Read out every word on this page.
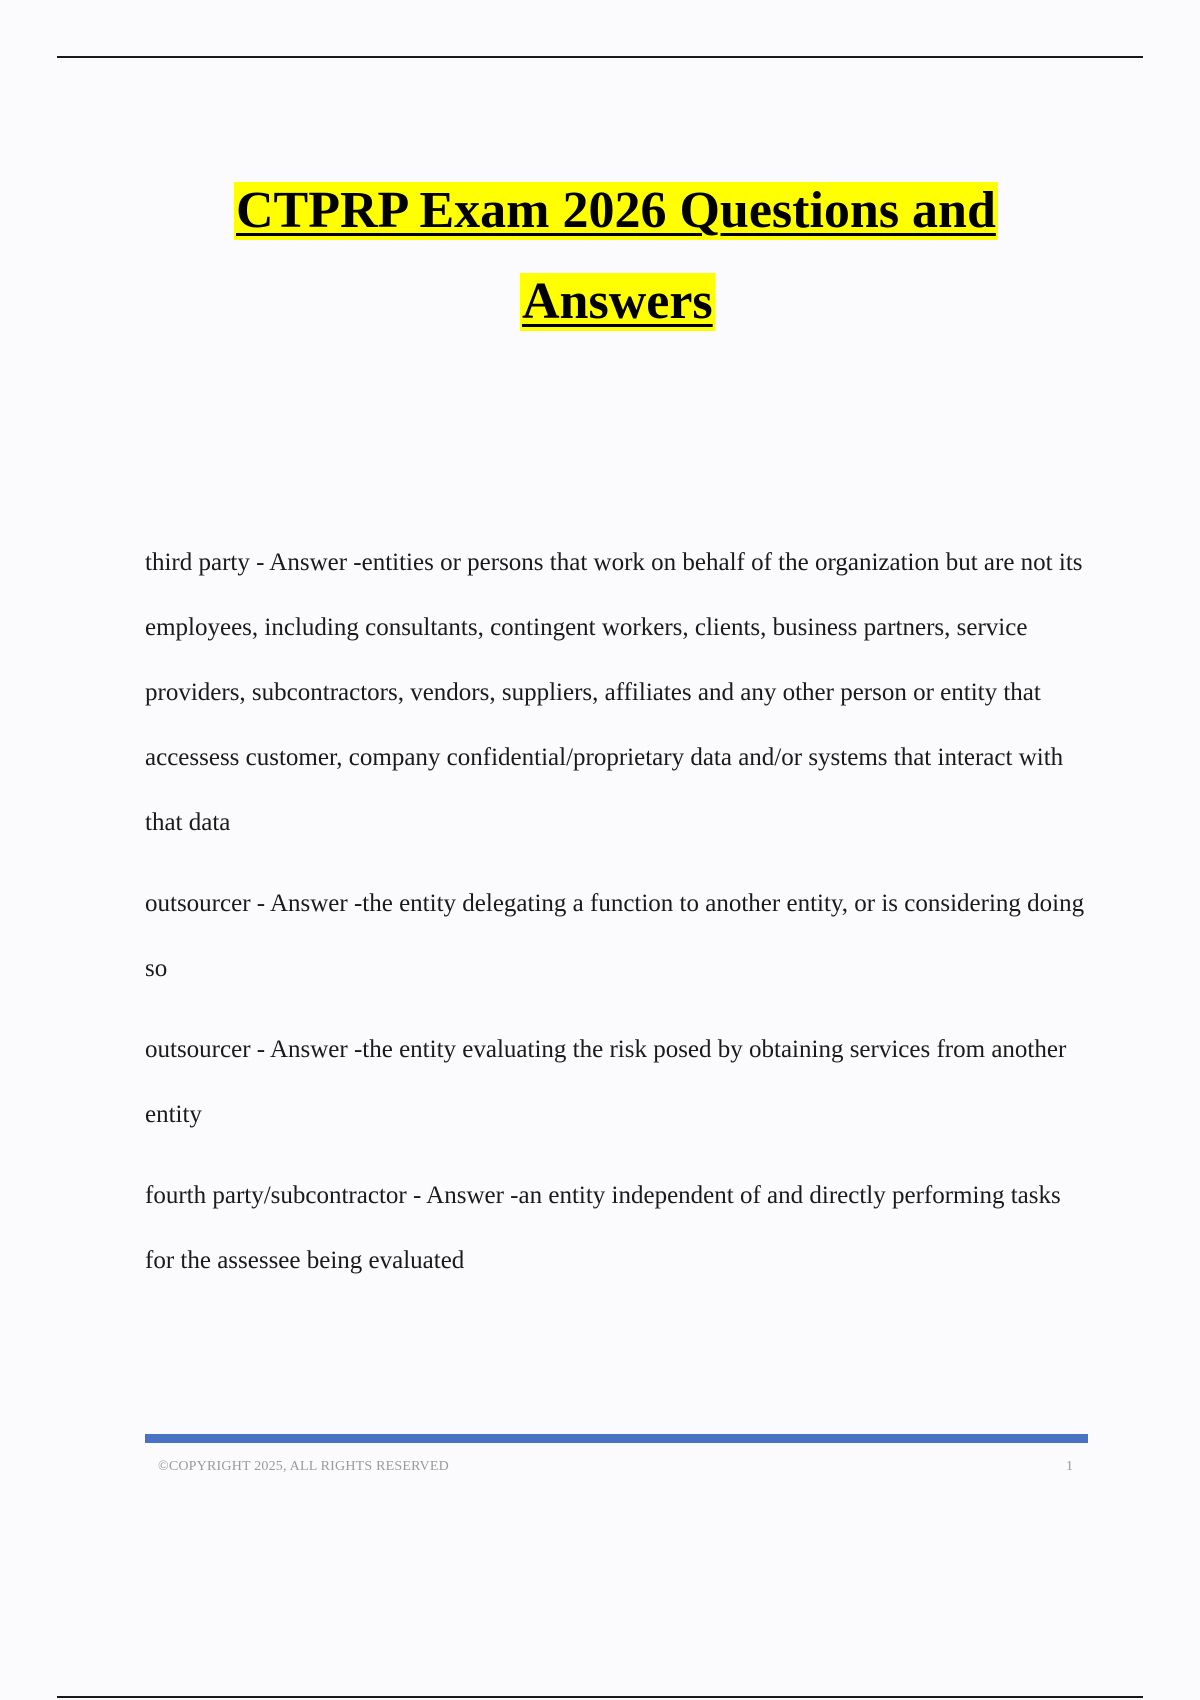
CTPRP Exam 2026 Questions and
Answers

third party - Answer -entities or persons that work on behalf of the organization but are not its employees, including consultants, contingent workers, clients, business partners, service providers, subcontractors, vendors, suppliers, affiliates and any other person or entity that accessess customer, company confidential/proprietary data and/or systems that interact with that data

outsourcer - Answer -the entity delegating a function to another entity, or is considering doing so

outsourcer - Answer -the entity evaluating the risk posed by obtaining services from another entity

fourth party/subcontractor - Answer -an entity independent of and directly performing tasks for the assessee being evaluated

©COPYRIGHT 2025, ALL RIGHTS RESERVED	1
